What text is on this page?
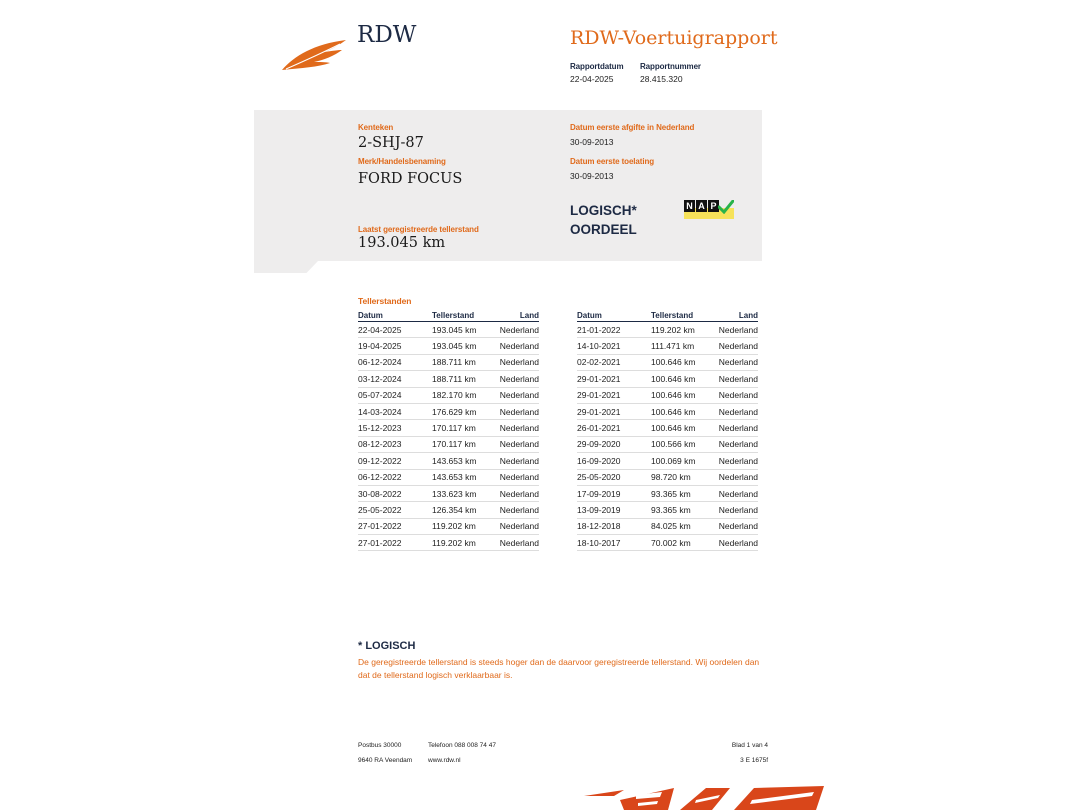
RDW	RDW-Voertuigrapport
Rapportdatum
22-04-2025
Rapportnummer
28.415.320
Kenteken
2-SHJ-87
Merk/Handelsbenaming
FORD FOCUS
Laatst geregistreerde tellerstand
193.045 km
Datum eerste afgifte in Nederland
30-09-2013
Datum eerste toelating
30-09-2013
LOGISCH*
OORDEEL
N A P
Tellerstanden
Datum	Tellerstand	Land
22-04-2025	193.045 km	Nederland
19-04-2025	193.045 km	Nederland
06-12-2024	188.711 km	Nederland
03-12-2024	188.711 km	Nederland
05-07-2024	182.170 km	Nederland
14-03-2024	176.629 km	Nederland
15-12-2023	170.117 km	Nederland
08-12-2023	170.117 km	Nederland
09-12-2022	143.653 km	Nederland
06-12-2022	143.653 km	Nederland
30-08-2022	133.623 km	Nederland
25-05-2022	126.354 km	Nederland
27-01-2022	119.202 km	Nederland
27-01-2022	119.202 km	Nederland
Datum	Tellerstand	Land
21-01-2022	119.202 km	Nederland
14-10-2021	111.471 km	Nederland
02-02-2021	100.646 km	Nederland
29-01-2021	100.646 km	Nederland
29-01-2021	100.646 km	Nederland
29-01-2021	100.646 km	Nederland
26-01-2021	100.646 km	Nederland
29-09-2020	100.566 km	Nederland
16-09-2020	100.069 km	Nederland
25-05-2020	98.720 km	Nederland
17-09-2019	93.365 km	Nederland
13-09-2019	93.365 km	Nederland
18-12-2018	84.025 km	Nederland
18-10-2017	70.002 km	Nederland
* LOGISCH
De geregistreerde tellerstand is steeds hoger dan de daarvoor geregistreerde tellerstand. Wij oordelen dan
dat de tellerstand logisch verklaarbaar is.
Postbus 30000
9640 RA Veendam
Telefoon 088 008 74 47
www.rdw.nl
Blad 1 van 4
3 E 1675f
